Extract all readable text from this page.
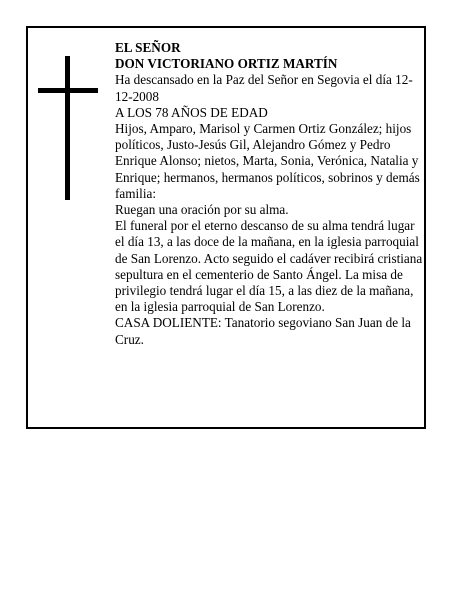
EL SEÑOR

DON VICTORIANO ORTIZ MARTÍN

Ha descansado en la Paz del Señor en Segovia el día 12-12-2008

A LOS 78 AÑOS DE EDAD

Hijos, Amparo, Marisol y Carmen Ortiz González; hijos políticos, Justo-Jesús Gil, Alejandro Gómez y Pedro Enrique Alonso; nietos, Marta, Sonia, Verónica, Natalia y Enrique; hermanos, hermanos políticos, sobrinos y demás familia:

Ruegan una oración por su alma.

El funeral por el eterno descanso de su alma tendrá lugar el día 13, a las doce de la mañana, en la iglesia parroquial de San Lorenzo. Acto seguido el cadáver recibirá cristiana sepultura en el cementerio de Santo Ángel. La misa de privilegio tendrá lugar el día 15, a las diez de la mañana, en la iglesia parroquial de San Lorenzo.

CASA DOLIENTE: Tanatorio segoviano San Juan de la Cruz.
